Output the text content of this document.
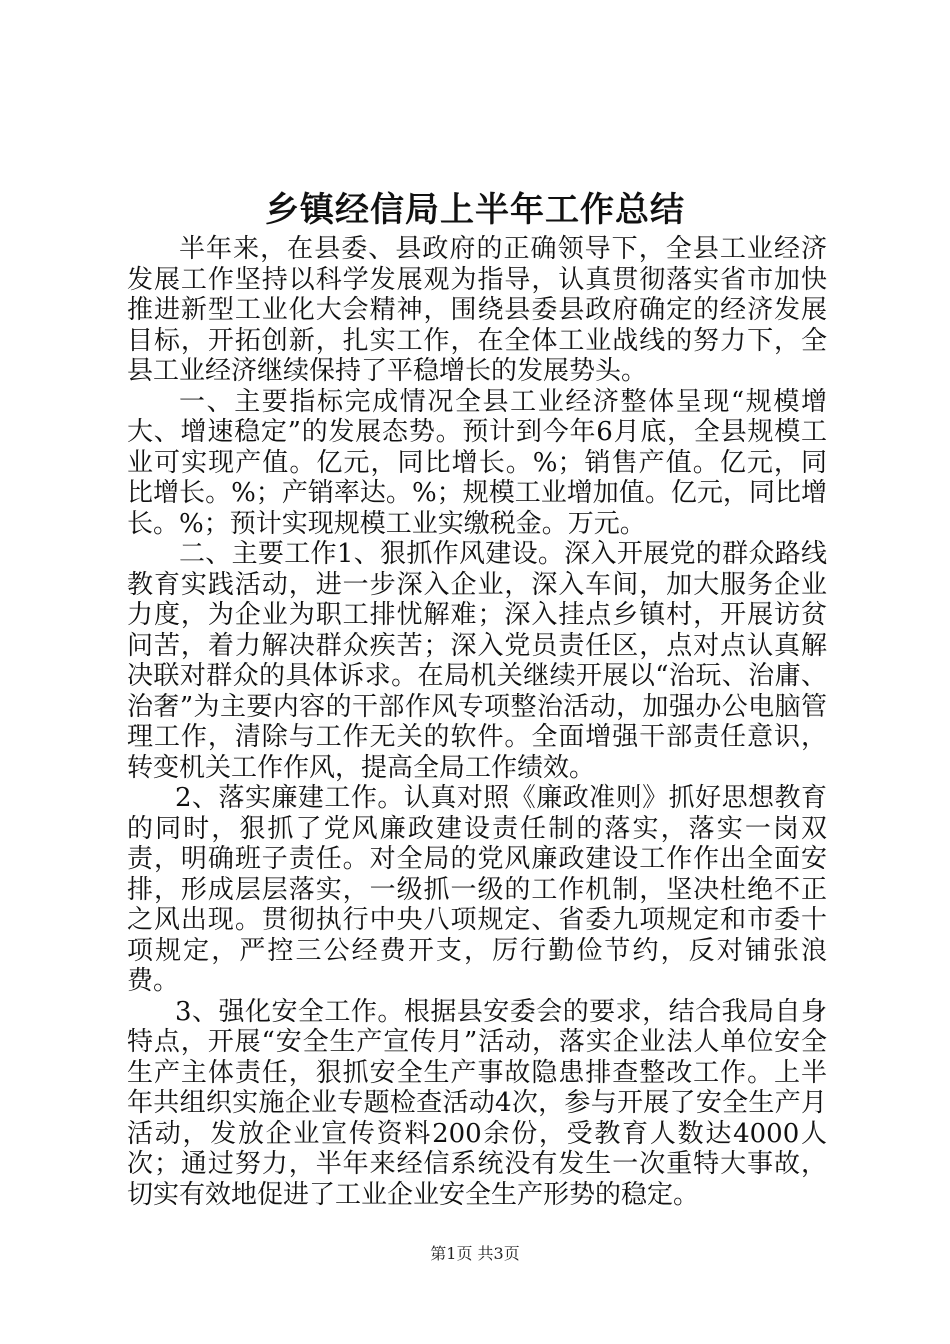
乡镇经信局上半年工作总结

半年来，在县委、县政府的正确领导下，全县工业经济发展工作坚持以科学发展观为指导，认真贯彻落实省市加快推进新型工业化大会精神，围绕县委县政府确定的经济发展目标，开拓创新，扎实工作，在全体工业战线的努力下，全县工业经济继续保持了平稳增长的发展势头。

一、主要指标完成情况全县工业经济整体呈现“规模增大、增速稳定”的发展态势。预计到今年6月底，全县规模工业可实现产值。亿元，同比增长。%；销售产值。亿元，同比增长。%；产销率达。%；规模工业增加值。亿元，同比增长。%；预计实现规模工业实缴税金。万元。

二、主要工作1、狠抓作风建设。深入开展党的群众路线教育实践活动，进一步深入企业，深入车间，加大服务企业力度，为企业为职工排忧解难；深入挂点乡镇村，开展访贫问苦，着力解决群众疾苦；深入党员责任区，点对点认真解决联对群众的具体诉求。在局机关继续开展以“治玩、治庸、治奢”为主要内容的干部作风专项整治活动，加强办公电脑管理工作，清除与工作无关的软件。全面增强干部责任意识，转变机关工作作风，提高全局工作绩效。

2、落实廉建工作。认真对照《廉政准则》抓好思想教育的同时，狠抓了党风廉政建设责任制的落实，落实一岗双责，明确班子责任。对全局的党风廉政建设工作作出全面安排，形成层层落实，一级抓一级的工作机制，坚决杜绝不正之风出现。贯彻执行中央八项规定、省委九项规定和市委十项规定，严控三公经费开支，厉行勤俭节约，反对铺张浪费。

3、强化安全工作。根据县安委会的要求，结合我局自身特点，开展“安全生产宣传月”活动，落实企业法人单位安全生产主体责任，狠抓安全生产事故隐患排查整改工作。上半年共组织实施企业专题检查活动4次，参与开展了安全生产月活动，发放企业宣传资料200余份，受教育人数达4000人次；通过努力，半年来经信系统没有发生一次重特大事故，切实有效地促进了工业企业安全生产形势的稳定。

第1页 共3页
